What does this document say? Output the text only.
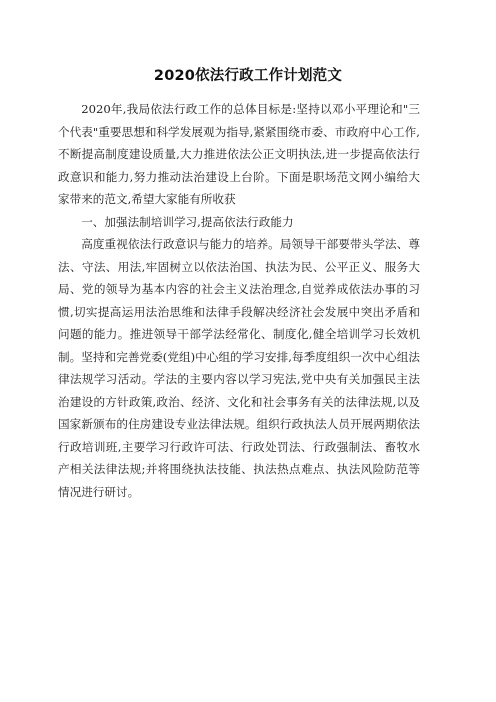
2020依法行政工作计划范文

2020年,我局依法行政工作的总体目标是:坚持以邓小平理论和"三个代表"重要思想和科学发展观为指导,紧紧围绕市委、市政府中心工作,不断提高制度建设质量,大力推进依法公正文明执法,进一步提高依法行政意识和能力,努力推动法治建设上台阶。下面是职场范文网小编给大家带来的范文,希望大家能有所收获

一、加强法制培训学习,提高依法行政能力

高度重视依法行政意识与能力的培养。局领导干部要带头学法、尊法、守法、用法,牢固树立以依法治国、执法为民、公平正义、服务大局、党的领导为基本内容的社会主义法治理念,自觉养成依法办事的习惯,切实提高运用法治思维和法律手段解决经济社会发展中突出矛盾和问题的能力。推进领导干部学法经常化、制度化,健全培训学习长效机制。坚持和完善党委(党组)中心组的学习安排,每季度组织一次中心组法律法规学习活动。学法的主要内容以学习宪法,党中央有关加强民主法治建设的方针政策,政治、经济、文化和社会事务有关的法律法规,以及国家新颁布的住房建设专业法律法规。组织行政执法人员开展两期依法行政培训班,主要学习行政许可法、行政处罚法、行政强制法、畜牧水产相关法律法规;并将围绕执法技能、执法热点难点、执法风险防范等情况进行研讨。
